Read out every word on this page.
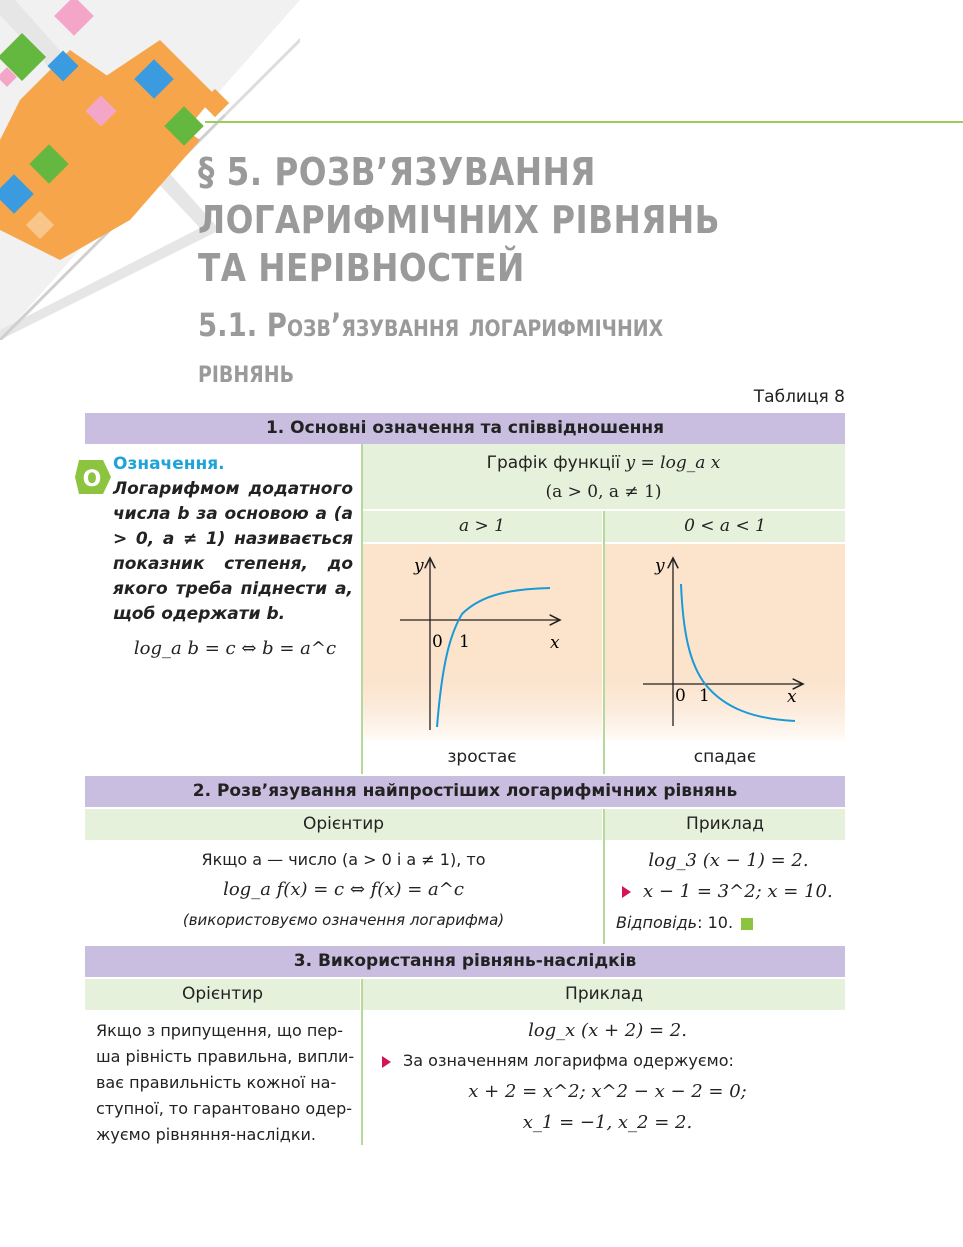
§ 5. РОЗВ’ЯЗУВАННЯ
ЛОГАРИФМІЧНИХ РІВНЯНЬ
ТА НЕРІВНОСТЕЙ
5.1. Розв’язування логарифмічних
рівнянь
Таблиця 8
1. Основні означення та співвідношення
О
Означення. Логарифмом додатного числа b за основою a (a > 0, a ≠ 1) називається показник степеня, до якого треба піднести a, щоб одержати b.
log_a b = c ⇔ b = a^c
Графік функції y = log_a x
(a > 0, a ≠ 1)
a > 1	0 < a < 1
y
x
0 1
y
x
0 1
зростає	спадає
2. Розв’язування найпростіших логарифмічних рівнянь
Орієнтир	Приклад
Якщо a — число (a > 0 і a ≠ 1), то
log_a f(x) = c ⇔ f(x) = a^c
(використовуємо означення логарифма)
log_3 (x − 1) = 2.
x − 1 = 3^2; x = 10.
Відповідь: 10.
3. Використання рівнянь-наслідків
Орієнтир	Приклад
Якщо з припущення, що пер-
ша рівність правильна, випли-
ває правильність кожної на-
ступної, то гарантовано одер-
жуємо рівняння-наслідки.
log_x (x + 2) = 2.
За означенням логарифма одержуємо:
x + 2 = x^2; x^2 − x − 2 = 0;
x_1 = −1, x_2 = 2.
